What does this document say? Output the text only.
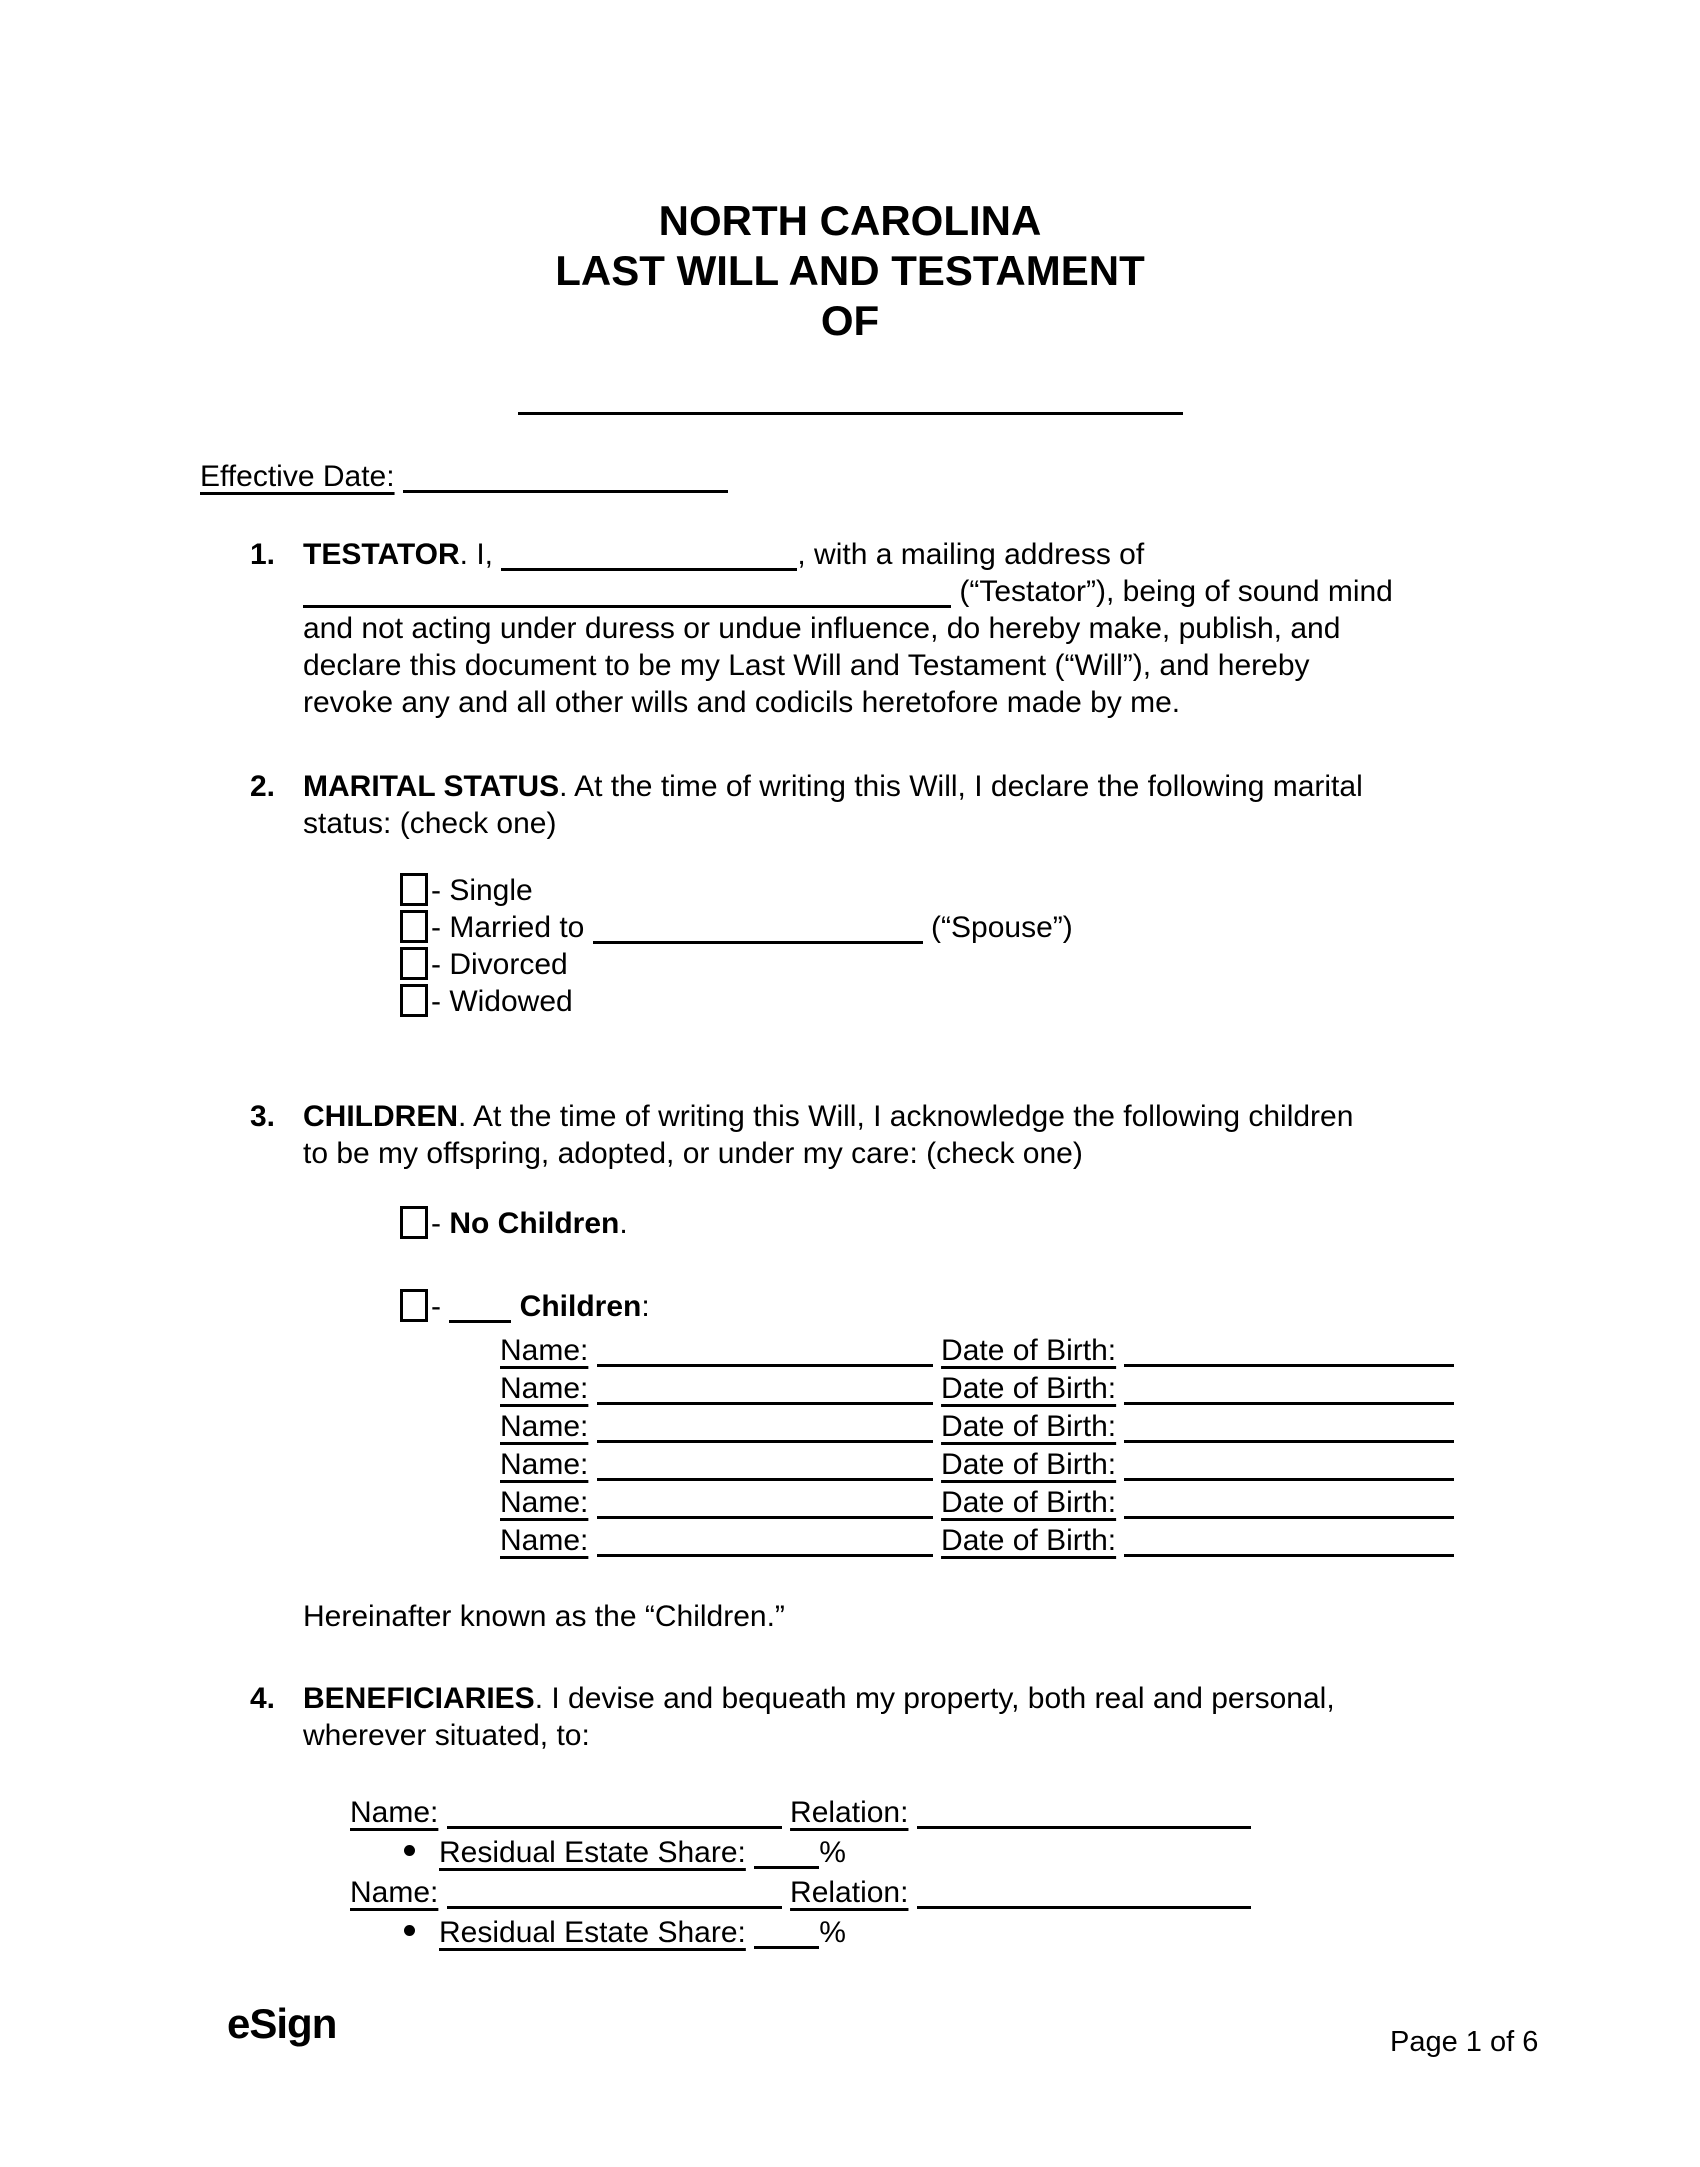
NORTH CAROLINA
LAST WILL AND TESTAMENT
OF
Effective Date:
1. TESTATOR. I,	, with a mailing address of
(“Testator”), being of sound mind
and not acting under duress or undue influence, do hereby make, publish, and
declare this document to be my Last Will and Testament (“Will”), and hereby
revoke any and all other wills and codicils heretofore made by me.
2. MARITAL STATUS. At the time of writing this Will, I declare the following marital
status: (check one)
- Single
- Married to	(“Spouse”)
- Divorced
- Widowed
3. CHILDREN. At the time of writing this Will, I acknowledge the following children
to be my offspring, adopted, or under my care: (check one)
- No Children.
-  Children:
Name:	Date of Birth:
Name:	Date of Birth:
Name:	Date of Birth:
Name:	Date of Birth:
Name:	Date of Birth:
Name:	Date of Birth:
Hereinafter known as the “Children.”
4. BENEFICIARIES. I devise and bequeath my property, both real and personal,
wherever situated, to:
Name:	Relation:
Residual Estate Share: %
Name:	Relation:
Residual Estate Share: %
eSign	Page 1 of 6
